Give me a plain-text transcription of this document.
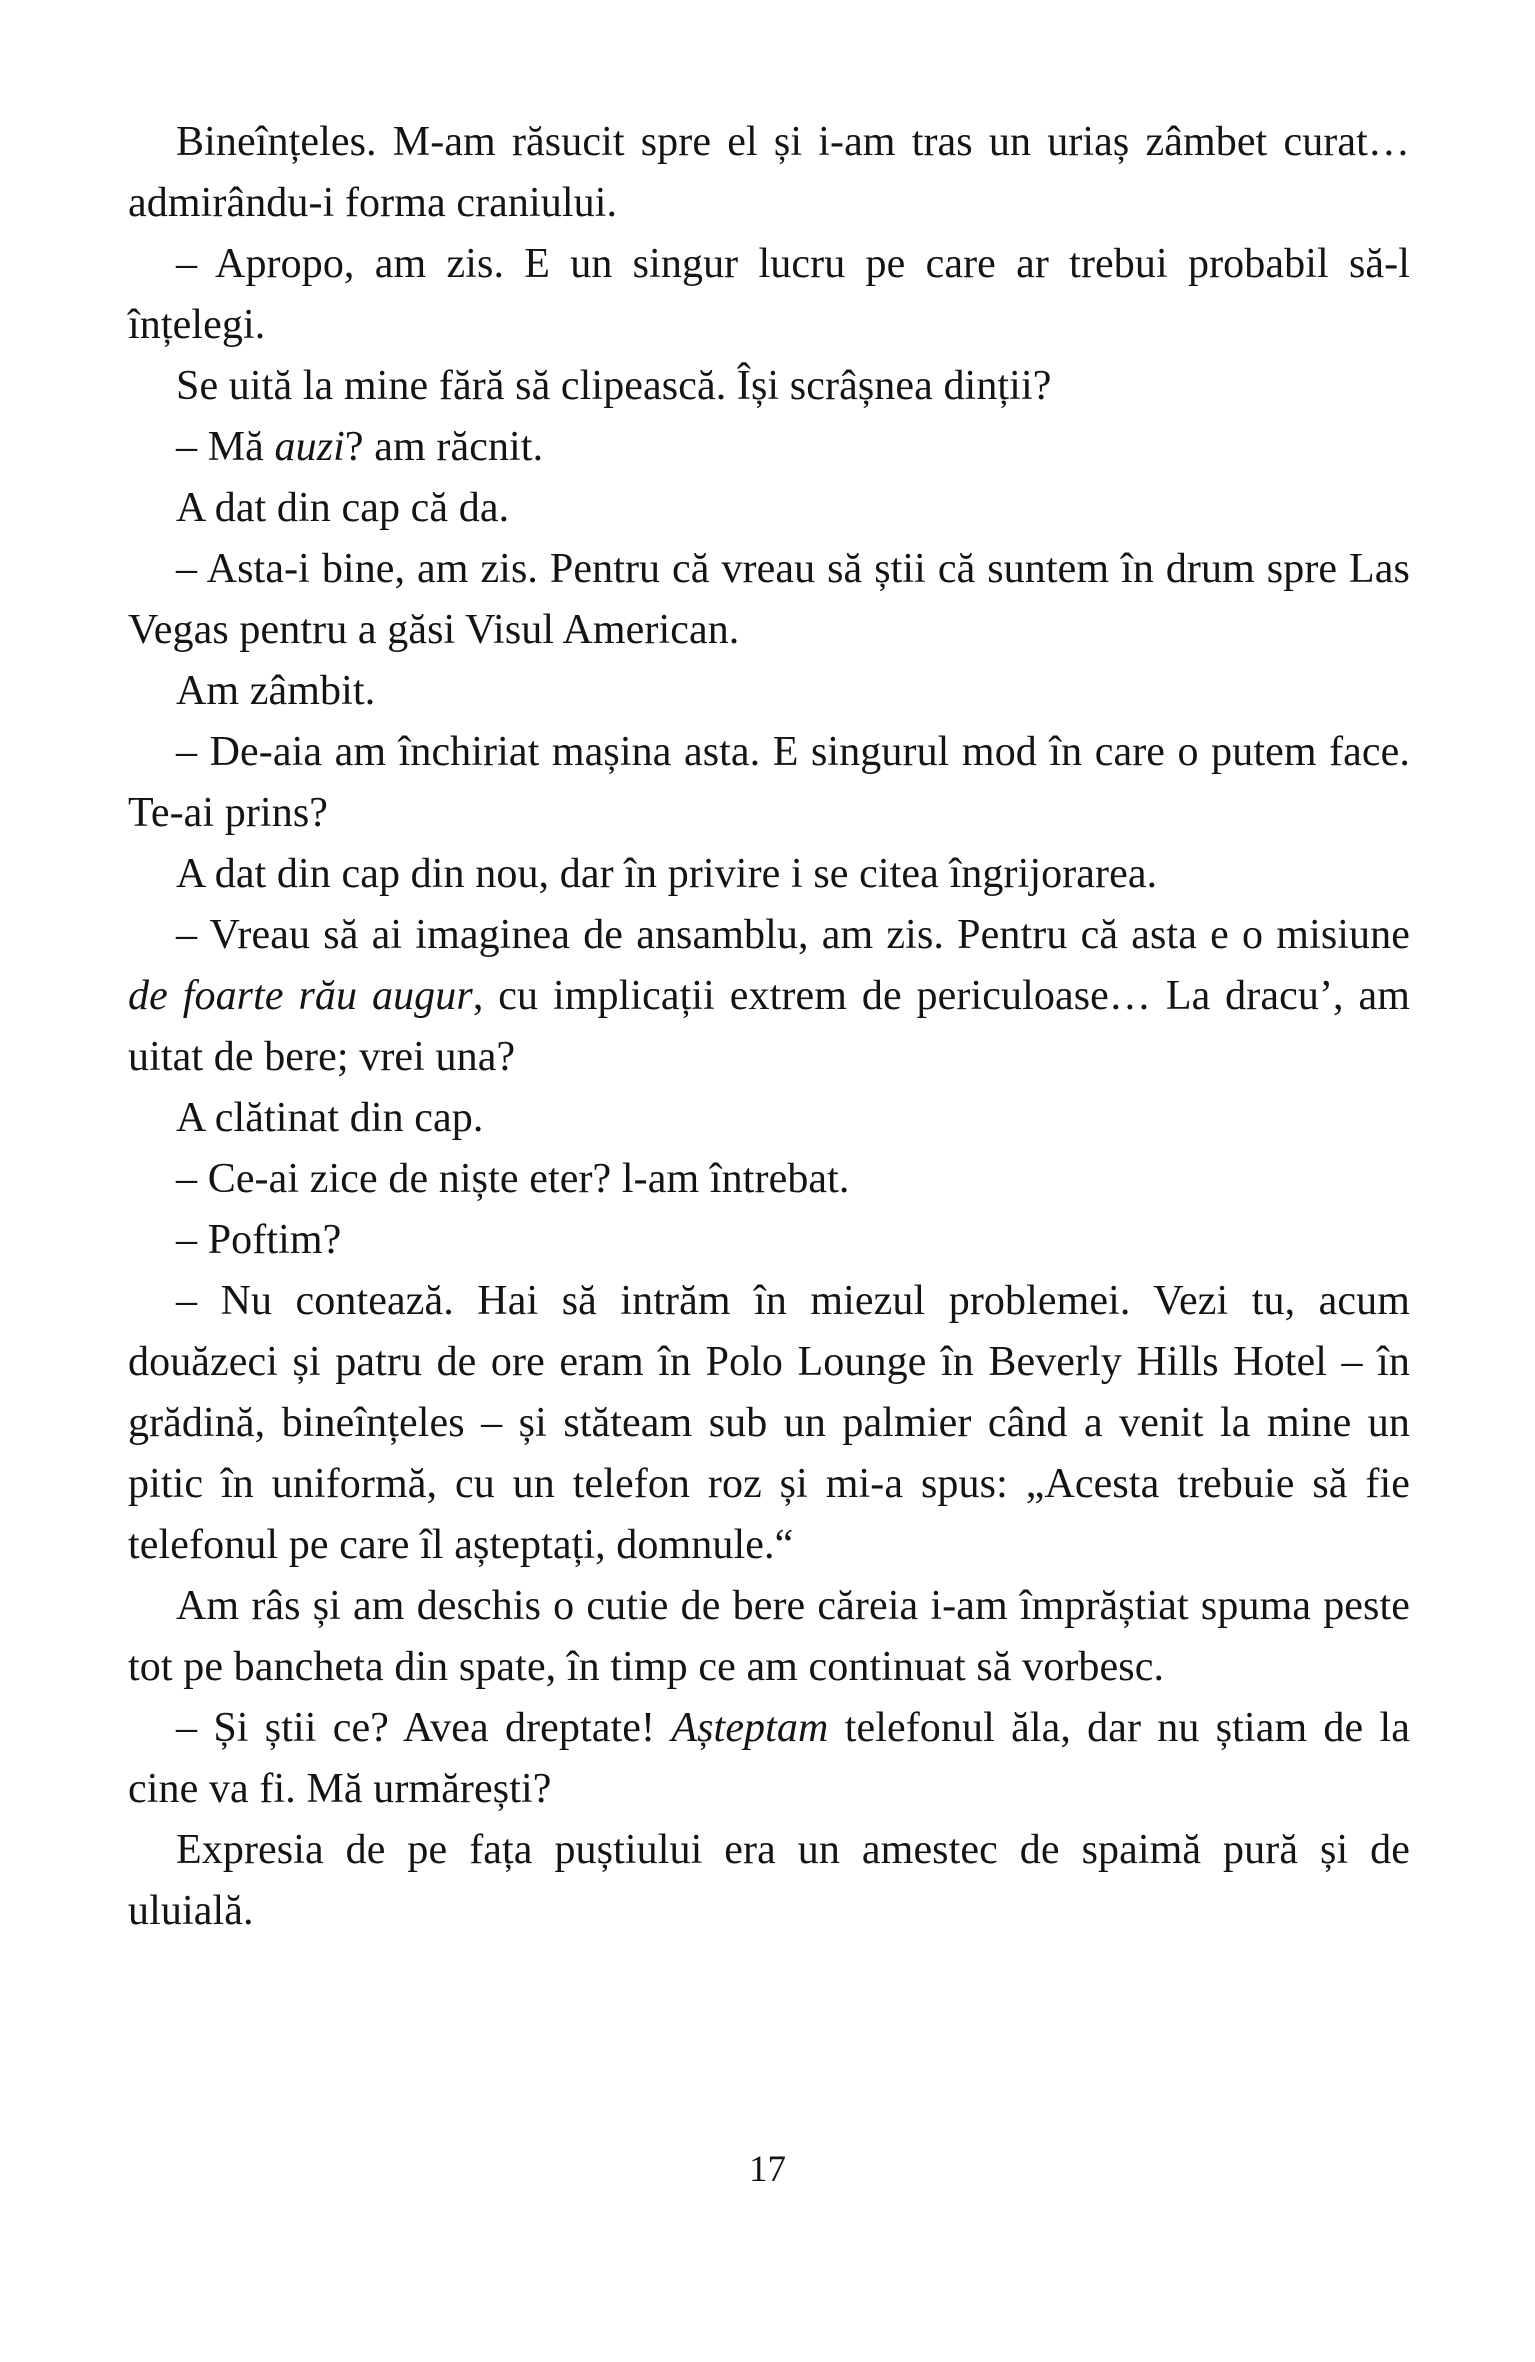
Bineînțeles. M-am răsucit spre el și i-am tras un uriaș zâmbet curat… admirându-i forma craniului.

– Apropo, am zis. E un singur lucru pe care ar trebui probabil să-l înțelegi.

Se uită la mine fără să clipească. Își scrâșnea dinții?

– Mă auzi? am răcnit.

A dat din cap că da.

– Asta-i bine, am zis. Pentru că vreau să știi că suntem în drum spre Las Vegas pentru a găsi Visul American.

Am zâmbit.

– De-aia am închiriat mașina asta. E singurul mod în care o putem face. Te-ai prins?

A dat din cap din nou, dar în privire i se citea îngrijorarea.

– Vreau să ai imaginea de ansamblu, am zis. Pentru că asta e o misiune de foarte rău augur, cu implicații extrem de periculoase… La dracu’, am uitat de bere; vrei una?

A clătinat din cap.

– Ce-ai zice de niște eter? l-am întrebat.

– Poftim?

– Nu contează. Hai să intrăm în miezul problemei. Vezi tu, acum douăzeci și patru de ore eram în Polo Lounge în Beverly Hills Hotel – în grădină, bineînțeles – și stăteam sub un palmier când a venit la mine un pitic în uniformă, cu un telefon roz și mi-a spus: „Acesta trebuie să fie telefonul pe care îl așteptați, domnule.“

Am râs și am deschis o cutie de bere căreia i-am împrăștiat spuma peste tot pe bancheta din spate, în timp ce am continuat să vorbesc.

– Și știi ce? Avea dreptate! Așteptam telefonul ăla, dar nu știam de la cine va fi. Mă urmărești?

Expresia de pe fața puștiului era un amestec de spaimă pură și de uluială.

17
